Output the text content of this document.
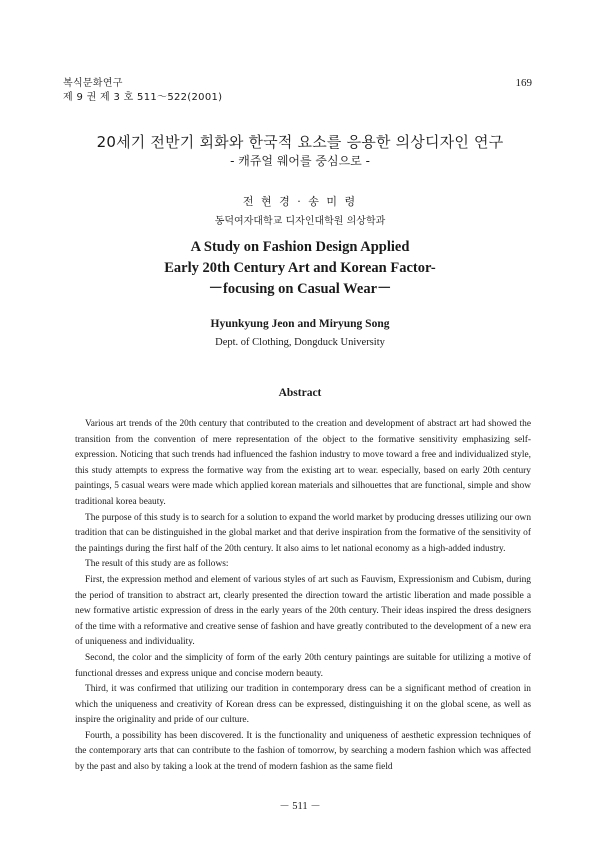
복식문화연구
제 9 권 제 3 호 511～522(2001)
169
20세기 전반기 회화와 한국적 요소를 응용한 의상디자인 연구
- 캐쥬얼 웨어를 중심으로 -
전 현 경 · 송 미 령
동덕여자대학교 디자인대학원 의상학과
A Study on Fashion Design Applied
Early 20th Century Art and Korean Factor-
－focusing on Casual Wear－
Hyunkyung Jeon and Miryung Song
Dept. of Clothing, Dongduck University
Abstract

Various art trends of the 20th century that contributed to the creation and development of abstract art had showed the transition from the convention of mere representation of the object to the formative sensitivity emphasizing self-expression. Noticing that such trends had influenced the fashion industry to move toward a free and individualized style, this study attempts to express the formative way from the existing art to wear. especially, based on early 20th century paintings, 5 casual wears were made which applied korean materials and silhouettes that are functional, simple and show traditional korea beauty.

The purpose of this study is to search for a solution to expand the world market by producing dresses utilizing our own tradition that can be distinguished in the global market and that derive inspiration from the formative of the sensitivity of the paintings during the first half of the 20th century. It also aims to let national economy as a high-added industry.

The result of this study are as follows:

First, the expression method and element of various styles of art such as Fauvism, Expressionism and Cubism, during the period of transition to abstract art, clearly presented the direction toward the artistic liberation and made possible a new formative artistic expression of dress in the early years of the 20th century. Their ideas inspired the dress designers of the time with a reformative and creative sense of fashion and have greatly contributed to the development of a new era of uniqueness and individuality.

Second, the color and the simplicity of form of the early 20th century paintings are suitable for utilizing a motive of functional dresses and express unique and concise modern beauty.

Third, it was confirmed that utilizing our tradition in contemporary dress can be a significant method of creation in which the uniqueness and creativity of Korean dress can be expressed, distinguishing it on the global scene, as well as inspire the originality and pride of our culture.

Fourth, a possibility has been discovered. It is the functionality and uniqueness of aesthetic expression techniques of the contemporary arts that can contribute to the fashion of tomorrow, by searching a modern fashion which was affected by the past and also by taking a look at the trend of modern fashion as the same field

－ 511 －
